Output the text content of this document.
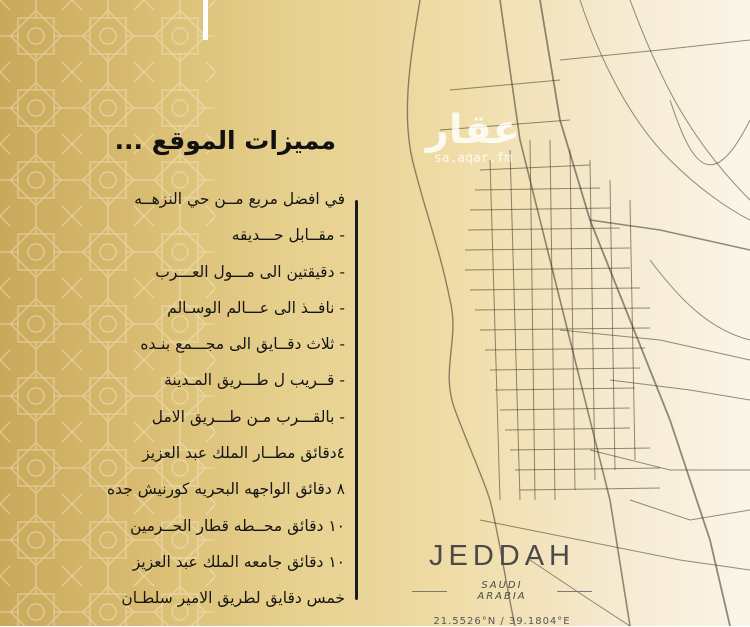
مميزات الموقع ...
في افضل مربع مــن حي النزهــه
- مقــابل حـــديقه
- دقيقتين الى مـــول العـــرب
- نافــذ الى عـــالم الوسـالم
- ثلاث دقــايق الى مجـــمع بنـده
- قــريب ل طـــريق المـدينة
- بالقـــرب مـن طـــريق الامل
٤دقائق مطــار الملك عبد العزيز
٨ دقائق الواجهه البحريه كورنيش جده
١٠ دقائق محــطه قطار الحــرمين
١٠ دقائق جامعه الملك عبد العزيز
خمس دقايق لطريق الامير سلطـان
عقار
sa.aqar.fm
JEDDAH
SAUDI ARABIA
21.5526°N / 39.1804°E
